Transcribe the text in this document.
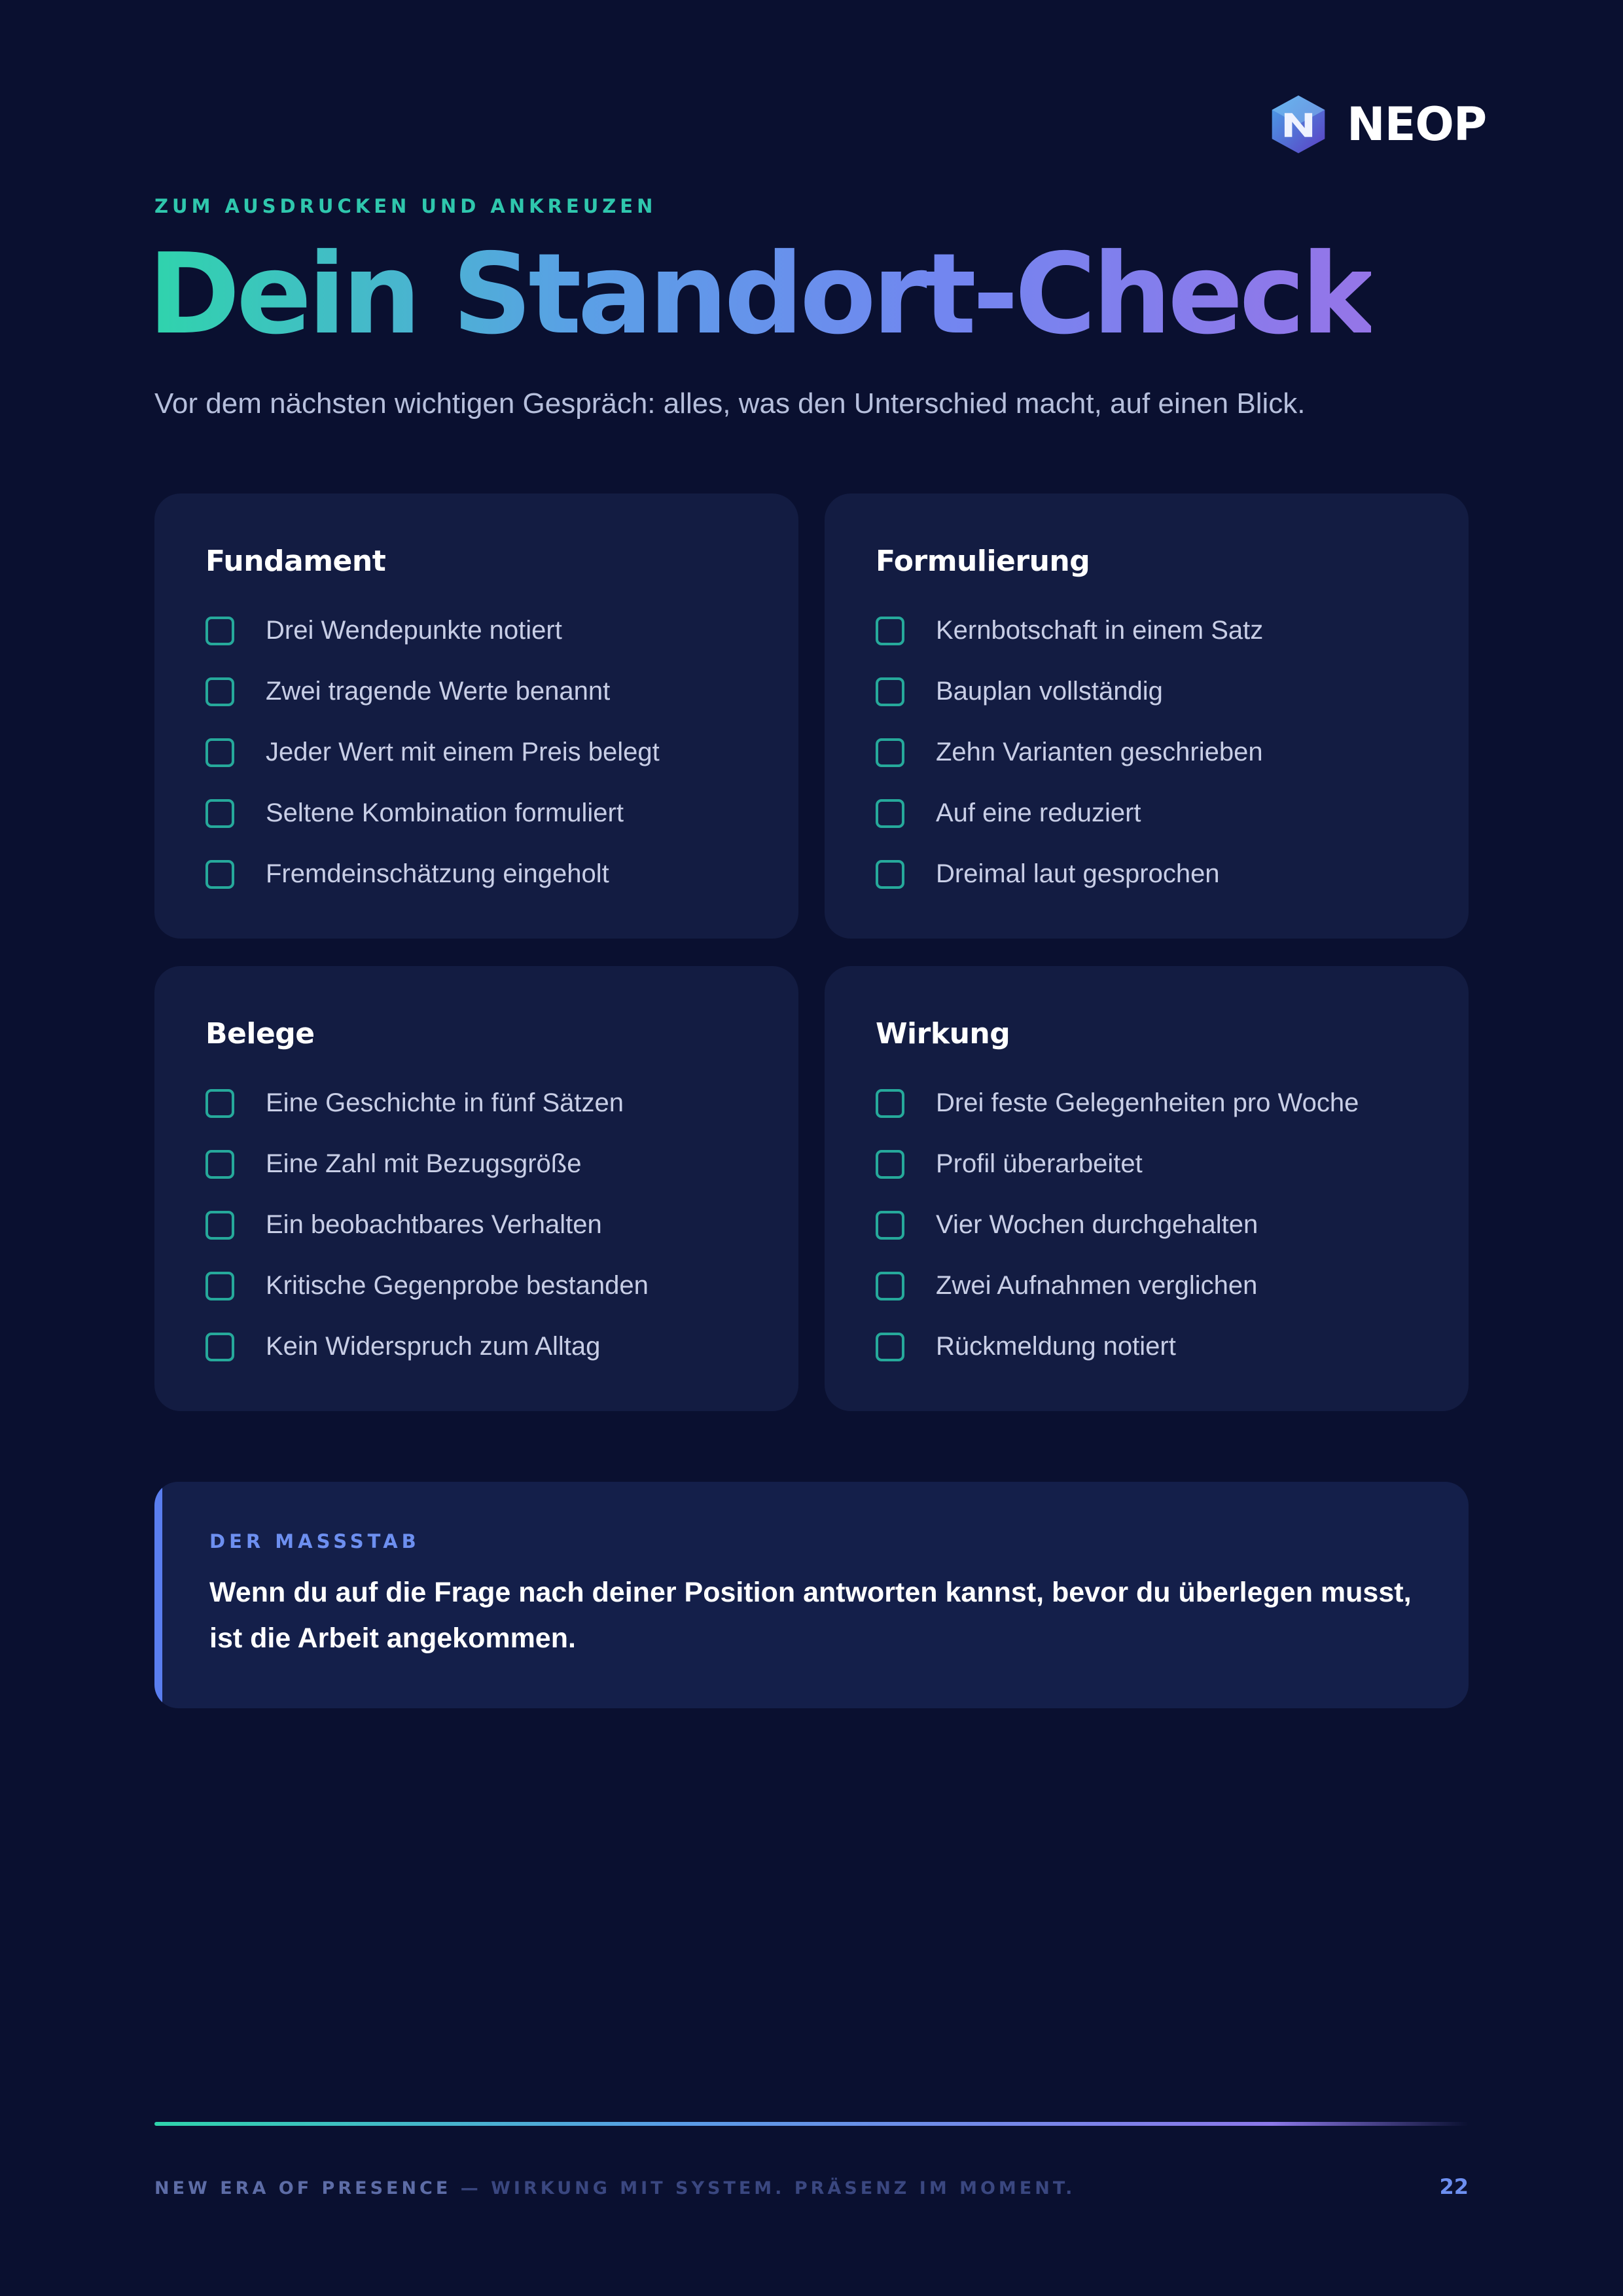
NEOP
ZUM AUSDRUCKEN UND ANKREUZEN
Dein Standort-Check
Vor dem nächsten wichtigen Gespräch: alles, was den Unterschied macht, auf einen Blick.
Fundament
Drei Wendepunkte notiert
Zwei tragende Werte benannt
Jeder Wert mit einem Preis belegt
Seltene Kombination formuliert
Fremdeinschätzung eingeholt
Formulierung
Kernbotschaft in einem Satz
Bauplan vollständig
Zehn Varianten geschrieben
Auf eine reduziert
Dreimal laut gesprochen
Belege
Eine Geschichte in fünf Sätzen
Eine Zahl mit Bezugsgröße
Ein beobachtbares Verhalten
Kritische Gegenprobe bestanden
Kein Widerspruch zum Alltag
Wirkung
Drei feste Gelegenheiten pro Woche
Profil überarbeitet
Vier Wochen durchgehalten
Zwei Aufnahmen verglichen
Rückmeldung notiert
DER MASSSTAB
Wenn du auf die Frage nach deiner Position antworten kannst, bevor du überlegen musst, ist die Arbeit angekommen.
NEW ERA OF PRESENCE — WIRKUNG MIT SYSTEM. PRÄSENZ IM MOMENT.	22
